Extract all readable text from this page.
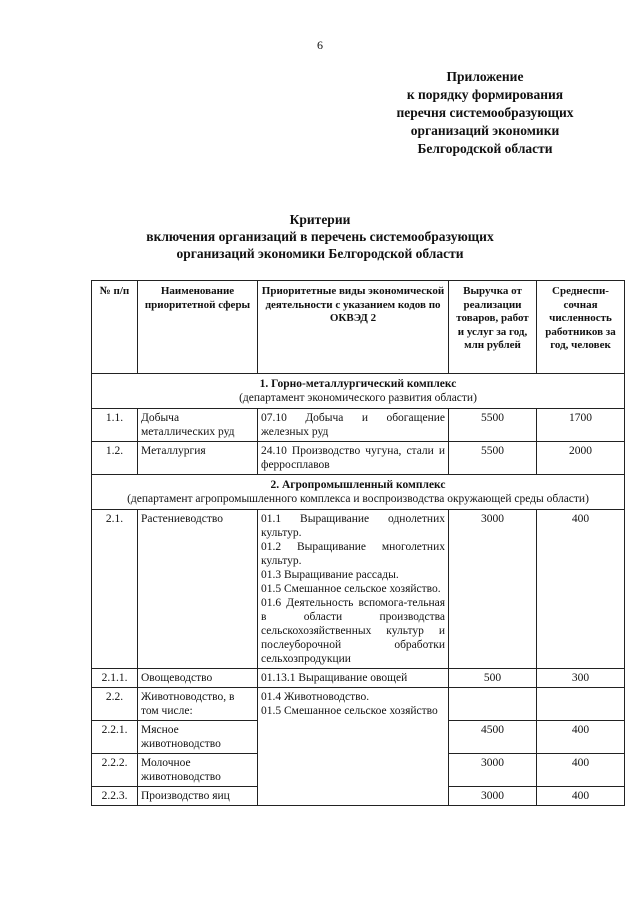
6
Приложение
к порядку формирования
перечня системообразующих
организаций экономики
Белгородской области
Критерии
включения организаций в перечень системообразующих
организаций экономики Белгородской области
№ п/п	Наименование приоритетной сферы	Приоритетные виды экономической деятельности с указанием кодов по ОКВЭД 2	Выручка от реализации товаров, работ и услуг за год, млн рублей	Среднеспи-сочная численность работников за год, человек

1. Горно-металлургический комплекс
(департамент экономического развития области)				

1.1.	Добыча металлических руд	07.10 Добыча и обогащение железных руд	5500	1700
1.2.	Металлургия	24.10 Производство чугуна, стали и ферросплавов	5500	2000

2. Агропромышленный комплекс
(департамент агропромышленного комплекса и воспроизводства окружающей среды области)				

2.1.	Растениеводство	01.1 Выращивание однолетних культур.
01.2 Выращивание многолетних культур.
01.3 Выращивание рассады.
01.5 Смешанное сельское хозяйство.
01.6 Деятельность вспомога-тельная в области производства сельскохозяйственных культур и послеуборочной обработки сельхозпродукции	3000	400
2.1.1.	Овощеводство	01.13.1 Выращивание овощей	500	300
2.2.	Животноводство, в том числе:	01.4 Животноводство.
01.5 Смешанное сельское хозяйство		

2.2.1.	Мясное животноводство		4500	400
2.2.2.	Молочное животноводство		3000	400
2.2.3.	Производство яиц		3000	400
